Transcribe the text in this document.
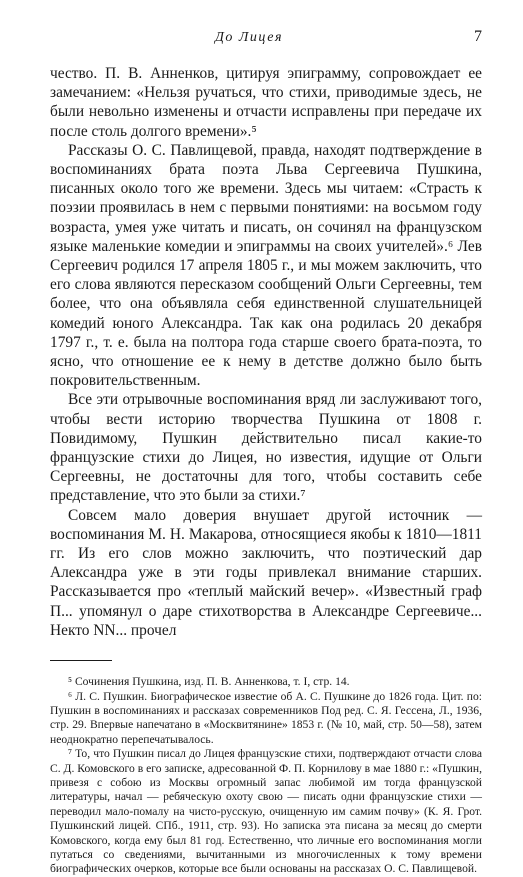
До Лицея	7

чество. П. В. Анненков, цитируя эпиграмму, сопровождает ее замечанием: «Нельзя ручаться, что стихи, приводимые здесь, не были невольно изменены и отчасти исправлены при передаче их после столь долгого времени».⁵

Рассказы О. С. Павлищевой, правда, находят подтверждение в воспоминаниях брата поэта Льва Сергеевича Пушкина, писанных около того же времени. Здесь мы читаем: «Страсть к поэзии проявилась в нем с первыми понятиями: на восьмом году возраста, умея уже читать и писать, он сочинял на французском языке маленькие комедии и эпиграммы на своих учителей».⁶ Лев Сергеевич родился 17 апреля 1805 г., и мы можем заключить, что его слова являются пересказом сообщений Ольги Сергеевны, тем более, что она объявляла себя единственной слушательницей комедий юного Александра. Так как она родилась 20 декабря 1797 г., т. е. была на полтора года старше своего брата-поэта, то ясно, что отношение ее к нему в детстве должно было быть покровительственным.

Все эти отрывочные воспоминания вряд ли заслуживают того, чтобы вести историю творчества Пушкина от 1808 г. Повидимому, Пушкин действительно писал какие-то французские стихи до Лицея, но известия, идущие от Ольги Сергеевны, не достаточны для того, чтобы составить себе представление, что это были за стихи.⁷

Совсем мало доверия внушает другой источник — воспоминания М. Н. Макарова, относящиеся якобы к 1810—1811 гг. Из его слов можно заключить, что поэтический дар Александра уже в эти годы привлекал внимание старших. Рассказывается про «теплый майский вечер». «Известный граф П... упомянул о даре стихотворства в Александре Сергеевиче... Некто NN... прочел

⁵ Сочинения Пушкина, изд. П. В. Анненкова, т. I, стр. 14.

⁶ Л. С. Пушкин. Биографическое известие об А. С. Пушкине до 1826 года. Цит. по: Пушкин в воспоминаниях и рассказах современников Под ред. С. Я. Гессена, Л., 1936, стр. 29. Впервые напечатано в «Москвитянине» 1853 г. (№ 10, май, стр. 50—58), затем неоднократно перепечатывалось.

⁷ То, что Пушкин писал до Лицея французские стихи, подтверждают отчасти слова С. Д. Комовского в его записке, адресованной Ф. П. Корнилову в мае 1880 г.: «Пушкин, привезя с собою из Москвы огромный запас любимой им тогда французской литературы, начал — ребяческую охоту свою — писать одни французские стихи — переводил мало-помалу на чисто-русскую, очищенную им самим почву» (К. Я. Грот. Пушкинский лицей. СПб., 1911, стр. 93). Но записка эта писана за месяц до смерти Комовского, когда ему был 81 год. Естественно, что личные его воспоминания могли путаться со сведениями, вычитанными из многочисленных к тому времени биографических очерков, которые все были основаны на рассказах О. С. Павлищевой.
